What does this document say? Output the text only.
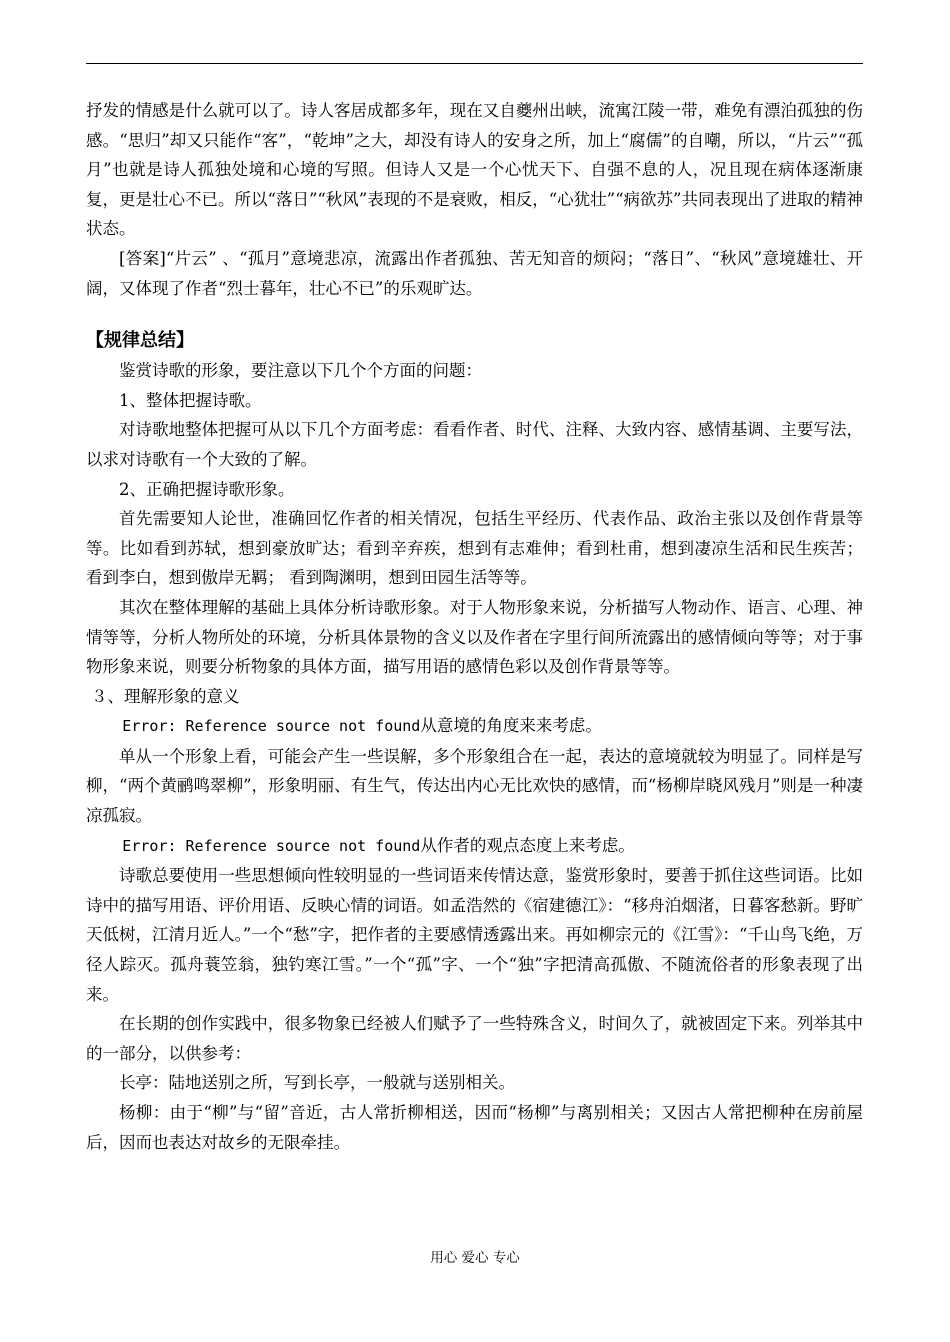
抒发的情感是什么就可以了。诗人客居成都多年，现在又自夔州出峡，流寓江陵一带，难免有漂泊孤独的伤感。“思归”却又只能作“客”，“乾坤”之大，却没有诗人的安身之所，加上“腐儒”的自嘲，所以，“片云”“孤月”也就是诗人孤独处境和心境的写照。但诗人又是一个心忧天下、自强不息的人，况且现在病体逐渐康复，更是壮心不已。所以“落日”“秋风”表现的不是衰败，相反，“心犹壮”“病欲苏”共同表现出了进取的精神状态。

[答案]“片云” 、“孤月”意境悲凉，流露出作者孤独、苦无知音的烦闷；“落日”、“秋风”意境雄壮、开阔，又体现了作者“烈士暮年，壮心不已”的乐观旷达。

【规律总结】

鉴赏诗歌的形象，要注意以下几个个方面的问题：

1、整体把握诗歌。

对诗歌地整体把握可从以下几个方面考虑：看看作者、时代、注释、大致内容、感情基调、主要写法，以求对诗歌有一个大致的了解。

2、正确把握诗歌形象。

首先需要知人论世，准确回忆作者的相关情况，包括生平经历、代表作品、政治主张以及创作背景等等。比如看到苏轼，想到豪放旷达；看到辛弃疾，想到有志难伸；看到杜甫，想到凄凉生活和民生疾苦； 看到李白，想到傲岸无羁； 看到陶渊明，想到田园生活等等。

其次在整体理解的基础上具体分析诗歌形象。对于人物形象来说，分析描写人物动作、语言、心理、神情等等，分析人物所处的环境，分析具体景物的含义以及作者在字里行间所流露出的感情倾向等等；对于事物形象来说，则要分析物象的具体方面，描写用语的感情色彩以及创作背景等等。

３、理解形象的意义

Error: Reference source not found从意境的角度来来考虑。

单从一个形象上看，可能会产生一些误解，多个形象组合在一起，表达的意境就较为明显了。同样是写柳，“两个黄鹂鸣翠柳”，形象明丽、有生气，传达出内心无比欢快的感情，而“杨柳岸晓风残月”则是一种凄凉孤寂。

Error: Reference source not found从作者的观点态度上来考虑。

诗歌总要使用一些思想倾向性较明显的一些词语来传情达意，鉴赏形象时，要善于抓住这些词语。比如诗中的描写用语、评价用语、反映心情的词语。如孟浩然的《宿建德江》：“移舟泊烟渚，日暮客愁新。野旷天低树，江清月近人。”一个“愁”字，把作者的主要感情透露出来。再如柳宗元的《江雪》：“千山鸟飞绝，万径人踪灭。孤舟蓑笠翁，独钓寒江雪。”一个“孤”字、一个“独”字把清高孤傲、不随流俗者的形象表现了出来。

在长期的创作实践中，很多物象已经被人们赋予了一些特殊含义，时间久了，就被固定下来。列举其中的一部分，以供参考：

长亭：陆地送别之所，写到长亭，一般就与送别相关。

杨柳：由于“柳”与“留”音近，古人常折柳相送，因而“杨柳”与离别相关；又因古人常把柳种在房前屋后，因而也表达对故乡的无限牵挂。

用心 爱心 专心
